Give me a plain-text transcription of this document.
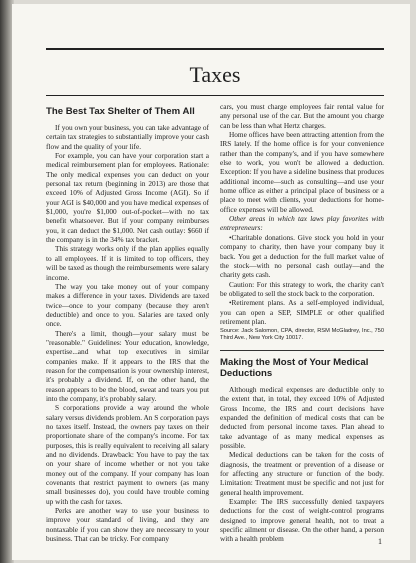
Taxes
The Best Tax Shelter of Them All

If you own your business, you can take advantage of certain tax strategies to substantially improve your cash flow and the quality of your life.

For example, you can have your corporation start a medical reimbursement plan for employees. Rationale: The only medical expenses you can deduct on your personal tax return (beginning in 2013) are those that exceed 10% of Adjusted Gross Income (AGI). So if your AGI is $40,000 and you have medical expenses of $1,000, you're $1,000 out-of-pocket—with no tax benefit whatsoever. But if your company reimburses you, it can deduct the $1,000. Net cash outlay: $660 if the company is in the 34% tax bracket.

This strategy works only if the plan applies equally to all employees. If it is limited to top officers, they will be taxed as though the reimbursements were salary income.

The way you take money out of your company makes a difference in your taxes. Dividends are taxed twice—once to your company (because they aren't deductible) and once to you. Salaries are taxed only once.

There's a limit, though—your salary must be "reasonable." Guidelines: Your education, knowledge, expertise...and what top executives in similar companies make. If it appears to the IRS that the reason for the compensation is your ownership interest, it's probably a dividend. If, on the other hand, the reason appears to be the blood, sweat and tears you put into the company, it's probably salary.

S corporations provide a way around the whole salary versus dividends problem. An S corporation pays no taxes itself. Instead, the owners pay taxes on their proportionate share of the company's income. For tax purposes, this is really equivalent to receiving all salary and no dividends. Drawback: You have to pay the tax on your share of income whether or not you take money out of the company. If your company has loan covenants that restrict payment to owners (as many small businesses do), you could have trouble coming up with the cash for taxes.

Perks are another way to use your business to improve your standard of living, and they are nontaxable if you can show they are necessary to your business. That can be tricky. For company

cars, you must charge employees fair rental value for any personal use of the car. But the amount you charge can be less than what Hertz charges.

Home offices have been attracting attention from the IRS lately. If the home office is for your convenience rather than the company's, and if you have somewhere else to work, you won't be allowed a deduction. Exception: If you have a sideline business that produces additional income—such as consulting—and use your home office as either a principal place of business or a place to meet with clients, your deductions for home-office expenses will be allowed.

Other areas in which tax laws play favorites with entrepreneurs:

•Charitable donations. Give stock you hold in your company to charity, then have your company buy it back. You get a deduction for the full market value of the stock—with no personal cash outlay—and the charity gets cash.

Caution: For this strategy to work, the charity can't be obligated to sell the stock back to the corporation.

•Retirement plans. As a self-employed individual, you can open a SEP, SIMPLE or other qualified retirement plan.

Source: Jack Salomon, CPA, director, RSM McGladrey, Inc., 750 Third Ave., New York City 10017.

Making the Most of Your Medical Deductions

Although medical expenses are deductible only to the extent that, in total, they exceed 10% of Adjusted Gross Income, the IRS and court decisions have expanded the definition of medical costs that can be deducted from personal income taxes. Plan ahead to take advantage of as many medical expenses as possible.

Medical deductions can be taken for the costs of diagnosis, the treatment or prevention of a disease or for affecting any structure or function of the body. Limitation: Treatment must be specific and not just for general health improvement.

Example: The IRS successfully denied taxpayers deductions for the cost of weight-control programs designed to improve general health, not to treat a specific ailment or disease. On the other hand, a person with a health problem	1
